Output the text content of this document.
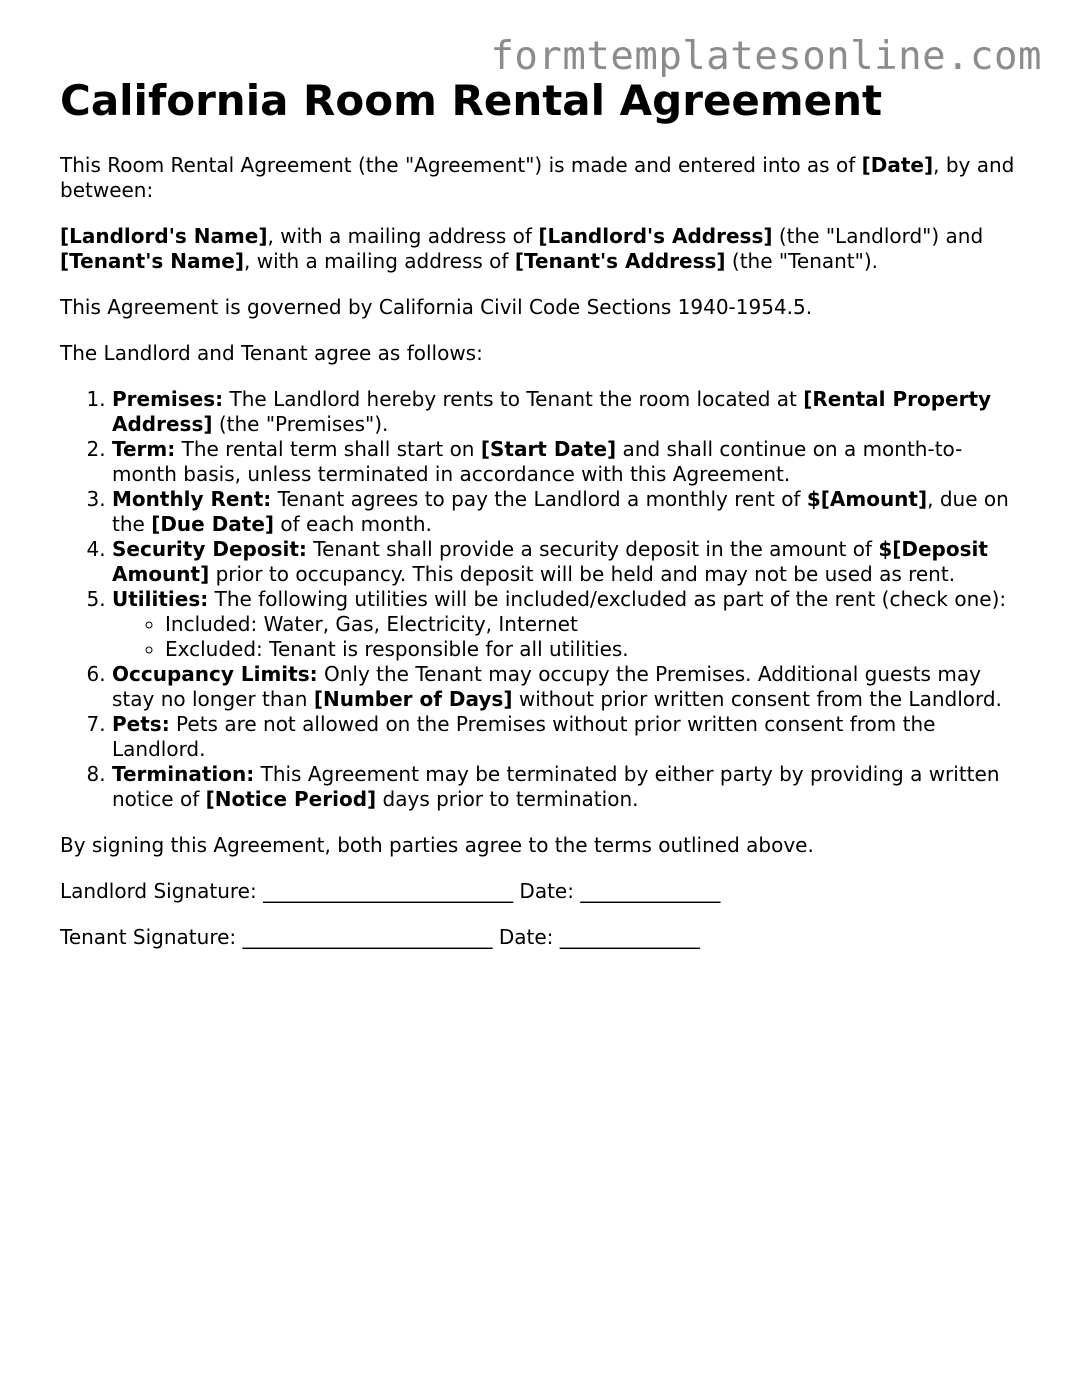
formtemplatesonline.com
California Room Rental Agreement

This Room Rental Agreement (the "Agreement") is made and entered into as of [Date], by and between:

[Landlord's Name], with a mailing address of [Landlord's Address] (the "Landlord") and [Tenant's Name], with a mailing address of [Tenant's Address] (the "Tenant").

This Agreement is governed by California Civil Code Sections 1940-1954.5.

The Landlord and Tenant agree as follows:

1. Premises: The Landlord hereby rents to Tenant the room located at [Rental Property Address] (the "Premises").
2. Term: The rental term shall start on [Start Date] and shall continue on a month-to-month basis, unless terminated in accordance with this Agreement.
3. Monthly Rent: Tenant agrees to pay the Landlord a monthly rent of $[Amount], due on the [Due Date] of each month.
4. Security Deposit: Tenant shall provide a security deposit in the amount of $[Deposit Amount] prior to occupancy. This deposit will be held and may not be used as rent.
5. Utilities: The following utilities will be included/excluded as part of the rent (check one):
◦ Included: Water, Gas, Electricity, Internet
◦ Excluded: Tenant is responsible for all utilities.
6. Occupancy Limits: Only the Tenant may occupy the Premises. Additional guests may stay no longer than [Number of Days] without prior written consent from the Landlord.
7. Pets: Pets are not allowed on the Premises without prior written consent from the Landlord.
8. Termination: This Agreement may be terminated by either party by providing a written notice of [Notice Period] days prior to termination.

By signing this Agreement, both parties agree to the terms outlined above.

Landlord Signature: _________________________ Date: ______________

Tenant Signature: _________________________ Date: ______________
